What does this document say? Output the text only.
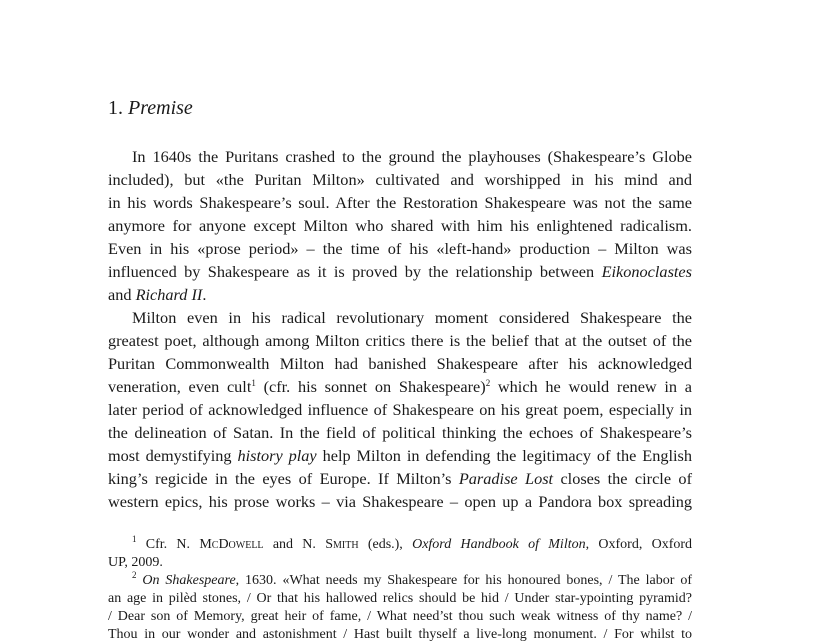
1. Premise
In 1640s the Puritans crashed to the ground the playhouses (Shakespeare’s Globe
included), but «the Puritan Milton» cultivated and worshipped in his mind and
in his words Shakespeare’s soul. After the Restoration Shakespeare was not the same
anymore for anyone except Milton who shared with him his enlightened radicalism.
Even in his «prose period» – the time of his «left-hand» production – Milton was
influenced by Shakespeare as it is proved by the relationship between Eikonoclastes
and Richard II.
Milton even in his radical revolutionary moment considered Shakespeare the
greatest poet, although among Milton critics there is the belief that at the outset of the
Puritan Commonwealth Milton had banished Shakespeare after his acknowledged
veneration, even cult$^1$ (cfr. his sonnet on Shakespeare)$^2$ which he would renew in a
later period of acknowledged influence of Shakespeare on his great poem, especially in
the delineation of Satan. In the field of political thinking the echoes of Shakespeare’s
most demystifying history play help Milton in defending the legitimacy of the English
king’s regicide in the eyes of Europe. If Milton’s Paradise Lost closes the circle of
western epics, his prose works – via Shakespeare – open up a Pandora box spreading
$^1$ Cfr. N. McDowell and N. Smith (eds.), Oxford Handbook of Milton, Oxford, Oxford
UP, 2009.
$^2$ On Shakespeare, 1630. «What needs my Shakespeare for his honoured bones, / The labor of
an age in pilèd stones, / Or that his hallowed relics should be hid / Under star-ypointing pyramid?
/ Dear son of Memory, great heir of fame, / What need’st thou such weak witness of thy name? /
Thou in our wonder and astonishment / Hast built thyself a live-long monument. / For whilst to
